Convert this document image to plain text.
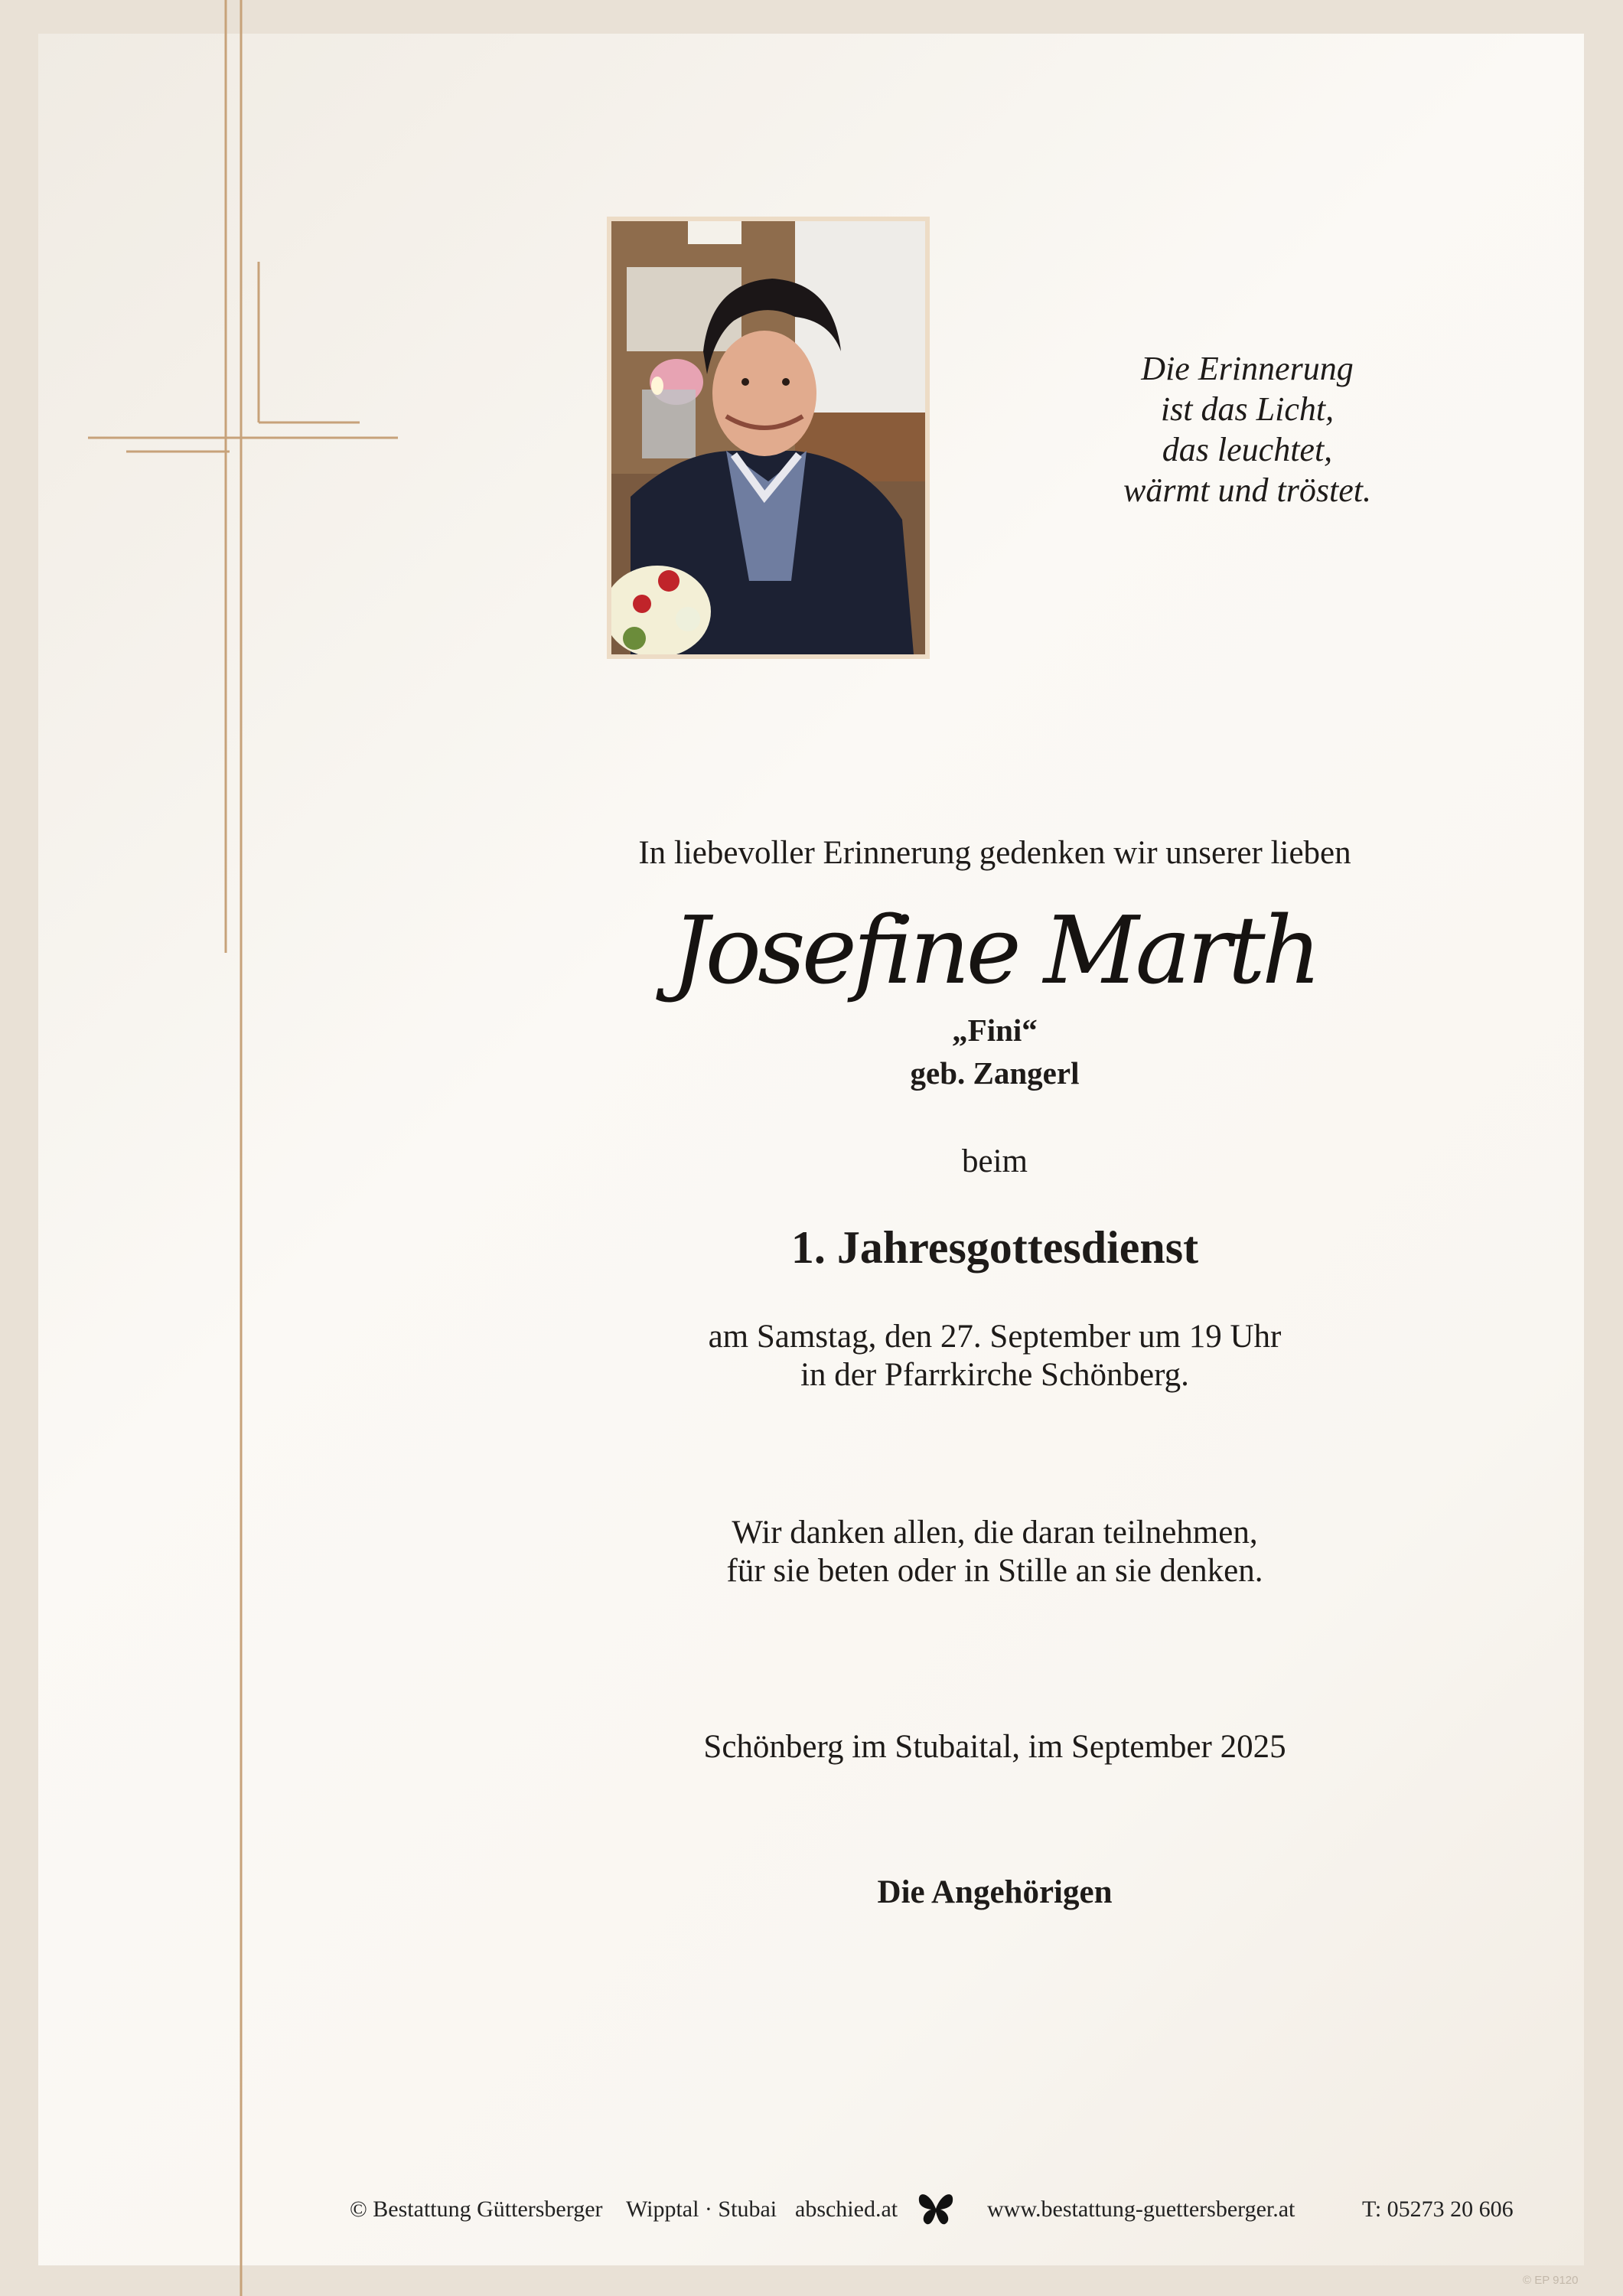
Die Erinnerung
ist das Licht,
das leuchtet,
wärmt und tröstet.
In liebevoller Erinnerung gedenken wir unserer lieben
Josefine Marth
„Fini“
geb. Zangerl
beim
1. Jahresgottesdienst
am Samstag, den 27. September um 19 Uhr
in der Pfarrkirche Schönberg.
Wir danken allen, die daran teilnehmen,
für sie beten oder in Stille an sie denken.
Schönberg im Stubaital, im September 2025
Die Angehörigen
© Bestattung Güttersberger Wipptal · Stubai abschied.at	www.bestattung-guettersberger.at	T: 05273 20 606
© EP 9120
